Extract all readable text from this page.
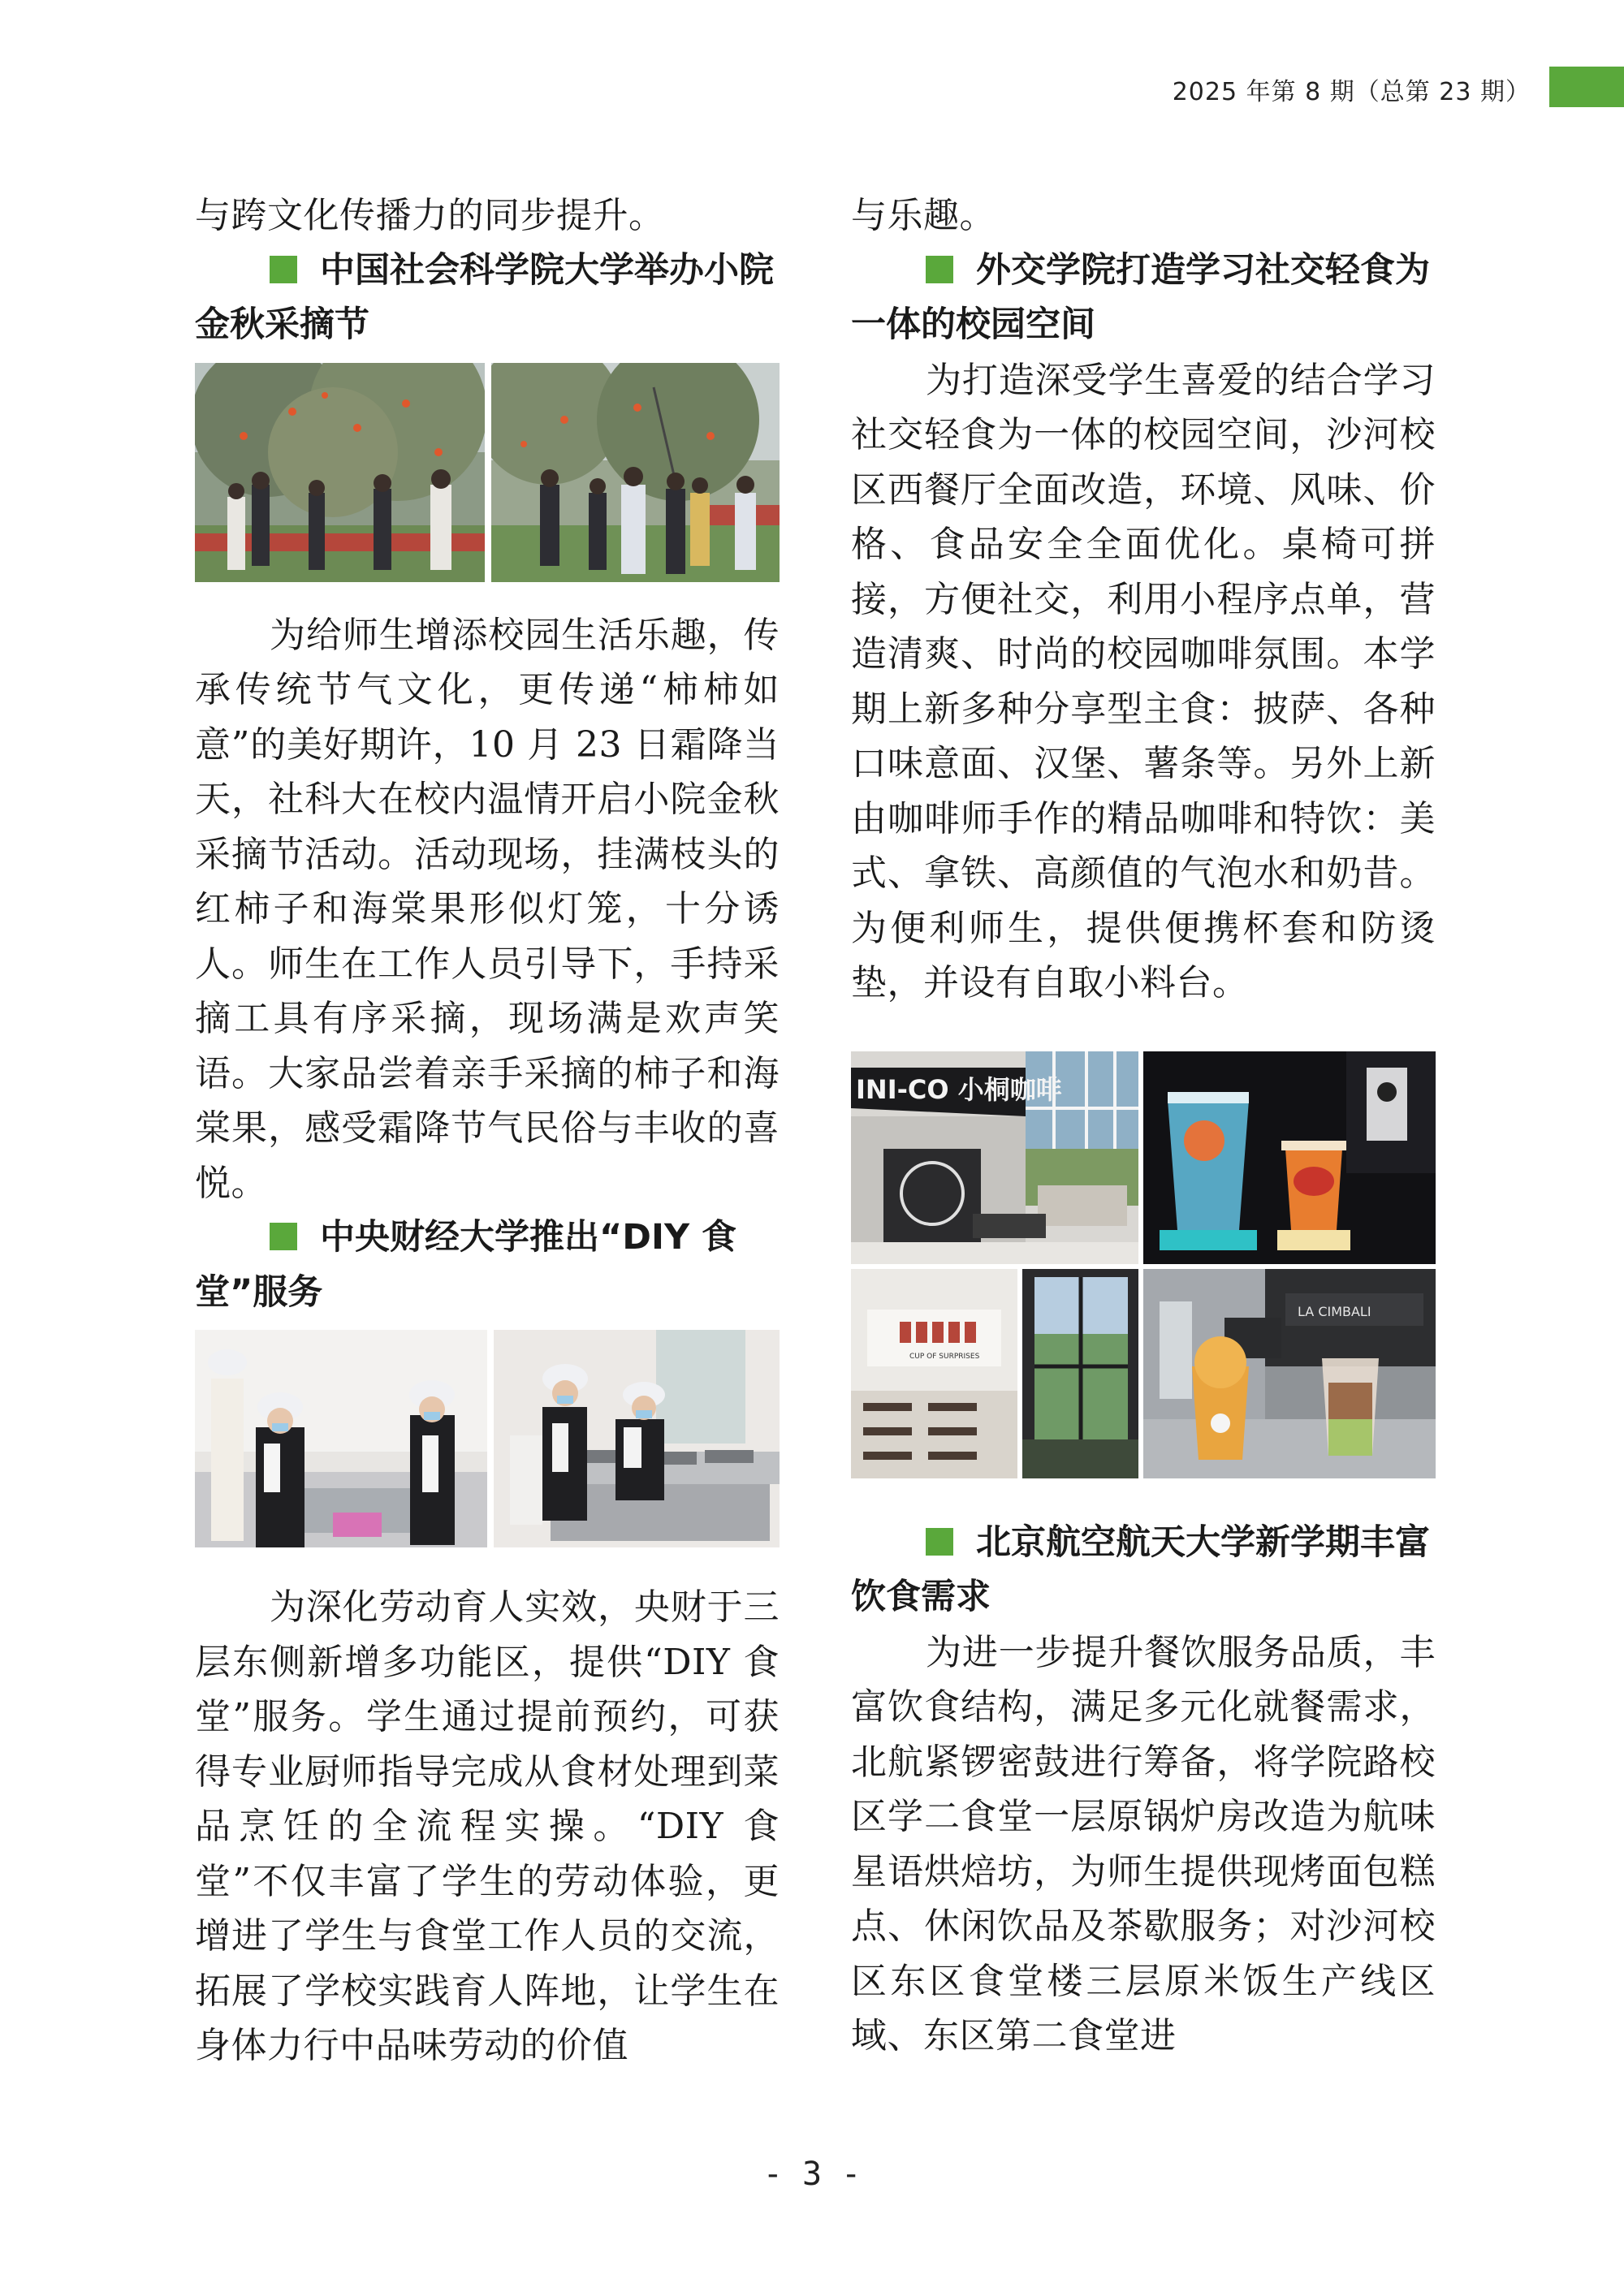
2025 年第 8 期（总第 23 期）

与跨文化传播力的同步提升。

中国社会科学院大学举办小院金秋采摘节

为给师生增添校园生活乐趣，传承传统节气文化，更传递“柿柿如意”的美好期许，10 月 23 日霜降当天，社科大在校内温情开启小院金秋采摘节活动。活动现场，挂满枝头的红柿子和海棠果形似灯笼，十分诱人。师生在工作人员引导下，手持采摘工具有序采摘，现场满是欢声笑语。大家品尝着亲手采摘的柿子和海棠果，感受霜降节气民俗与丰收的喜悦。

中央财经大学推出“DIY 食堂”服务

为深化劳动育人实效，央财于三层东侧新增多功能区，提供“DIY 食堂”服务。学生通过提前预约，可获得专业厨师指导完成从食材处理到菜品烹饪的全流程实操。“DIY 食堂”不仅丰富了学生的劳动体验，更增进了学生与食堂工作人员的交流，拓展了学校实践育人阵地，让学生在身体力行中品味劳动的价值

与乐趣。

外交学院打造学习社交轻食为一体的校园空间

为打造深受学生喜爱的结合学习社交轻食为一体的校园空间，沙河校区西餐厅全面改造，环境、风味、价格、食品安全全面优化。桌椅可拼接，方便社交，利用小程序点单，营造清爽、时尚的校园咖啡氛围。本学期上新多种分享型主食：披萨、各种口味意面、汉堡、薯条等。另外上新由咖啡师手作的精品咖啡和特饮：美式、拿铁、高颜值的气泡水和奶昔。为便利师生，提供便携杯套和防烫垫，并设有自取小料台。

INI-CO 小桐咖啡
CUP OF SURPRISES
LA CIMBALI
北京航空航天大学新学期丰富饮食需求

为进一步提升餐饮服务品质，丰富饮食结构，满足多元化就餐需求，北航紧锣密鼓进行筹备，将学院路校区学二食堂一层原锅炉房改造为航味星语烘焙坊，为师生提供现烤面包糕点、休闲饮品及茶歇服务；对沙河校区东区食堂楼三层原米饭生产线区域、东区第二食堂进

- 3 -
